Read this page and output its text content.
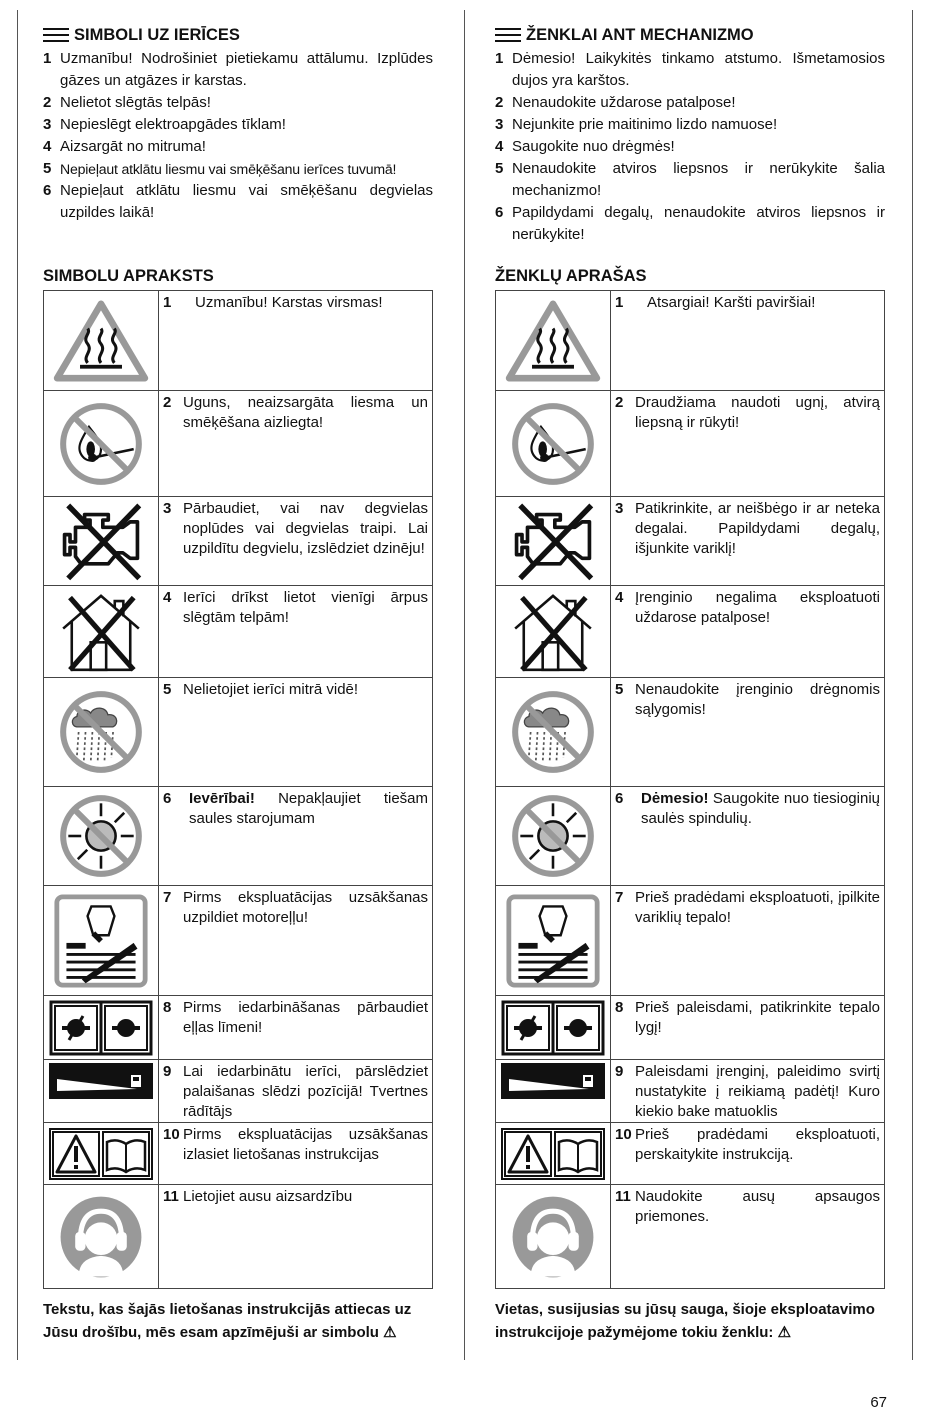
SIMBOLI UZ IERĪCES
1 Uzmanību! Nodrošiniet pietiekamu attālumu. Izplūdes gāzes un atgāzes ir karstas.
2 Nelietot slēgtās telpās!
3 Nepieslēgt elektroapgādes tīklam!
4 Aizsargāt no mitruma!
5 Nepieļaut atklātu liesmu vai smēķēšanu ierīces tuvumā!
6 Nepieļaut atklātu liesmu vai smēķēšanu degvielas uzpildes laikā!
SIMBOLU APRAKSTS

1 Uzmanību! Karstas virsmas!

2 Uguns, neaizsargāta liesma un smēķēšana aizliegta!

3 Pārbaudiet, vai nav degvielas noplūdes vai degvielas traipi. Lai uzpildītu degvielu, izslēdziet dzinēju!

4 Ierīci drīkst lietot vienīgi ārpus slēgtām telpām!

5 Nelietojiet ierīci mitrā vidē!

6 Ievērībai! Nepakļaujiet tiešam saules starojumam

7 Pirms ekspluatācijas uzsākšanas uzpildiet motoreļļu!

8 Pirms iedarbināšanas pārbaudiet eļļas līmeni!

9 Lai iedarbinātu ierīci, pārslēdziet palaišanas slēdzi pozīcijā! Tvertnes rādītājs

10 Pirms ekspluatācijas uzsākšanas izlasiet lietošanas instrukcijas

11 Lietojiet ausu aizsardzību
Tekstu, kas šajās lietošanas instrukcijās attiecas uz Jūsu drošību, mēs esam apzīmējuši ar simbolu ⚠
ŽENKLAI ANT MECHANIZMO
1 Dėmesio! Laikykitės tinkamo atstumo. Išmetamosios dujos yra karštos.
2 Nenaudokite uždarose patalpose!
3 Nejunkite prie maitinimo lizdo namuose!
4 Saugokite nuo drėgmės!
5 Nenaudokite atviros liepsnos ir nerūkykite šalia mechanizmo!
6 Papildydami degalų, nenaudokite atviros liepsnos ir nerūkykite!
ŽENKLŲ APRAŠAS

1 Atsargiai! Karšti paviršiai!

2 Draudžiama naudoti ugnį, atvirą liepsną ir rūkyti!

3 Patikrinkite, ar neišbėgo ir ar neteka degalai. Papildydami degalų, išjunkite variklį!

4 Įrenginio negalima eksploatuoti uždarose patalpose!

5 Nenaudokite įrenginio drėgnomis sąlygomis!

6 Dėmesio! Saugokite nuo tiesioginių saulės spindulių.

7 Prieš pradėdami eksploatuoti, įpilkite variklių tepalo!

8 Prieš paleisdami, patikrinkite tepalo lygį!

9 Paleisdami įrenginį, paleidimo svirtį nustatykite į reikiamą padėtį! Kuro kiekio bake matuoklis

10 Prieš pradėdami eksploatuoti, perskaitykite instrukciją.

11 Naudokite ausų apsaugos priemones.
Vietas, susijusias su jūsų sauga, šioje eksploatavimo instrukcijoje pažymėjome tokiu ženklu: ⚠
67
